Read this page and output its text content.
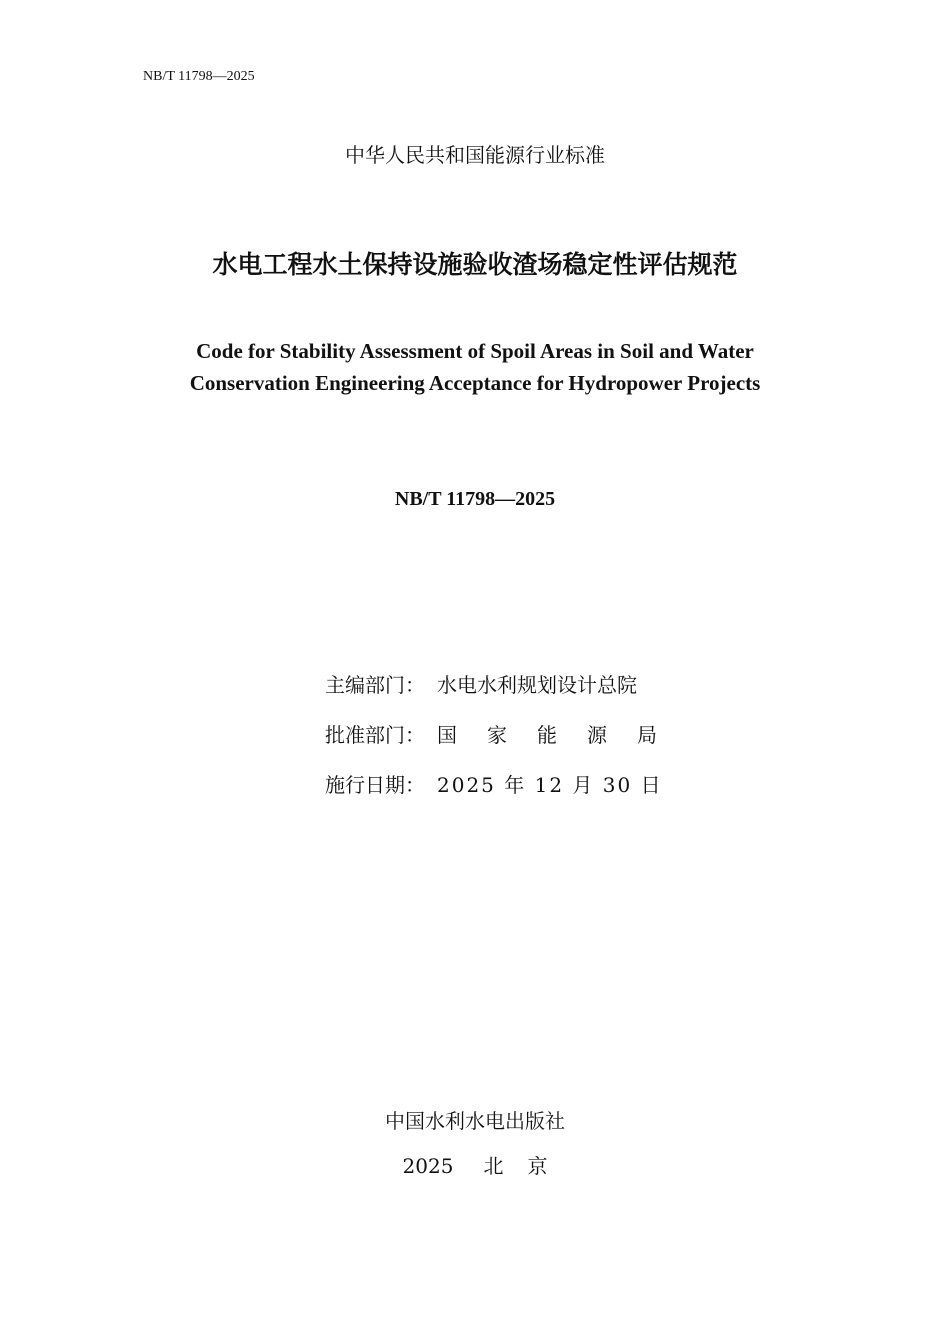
NB/T 11798—2025
中华人民共和国能源行业标准
水电工程水土保持设施验收渣场稳定性评估规范
Code for Stability Assessment of Spoil Areas in Soil and Water
Conservation Engineering Acceptance for Hydropower Projects
NB/T 11798—2025
主编部门： 水电水利规划设计总院
批准部门： 国 家 能 源 局
施行日期： 2025 年 12 月 30 日
中国水利水电出版社
2025 北 京
